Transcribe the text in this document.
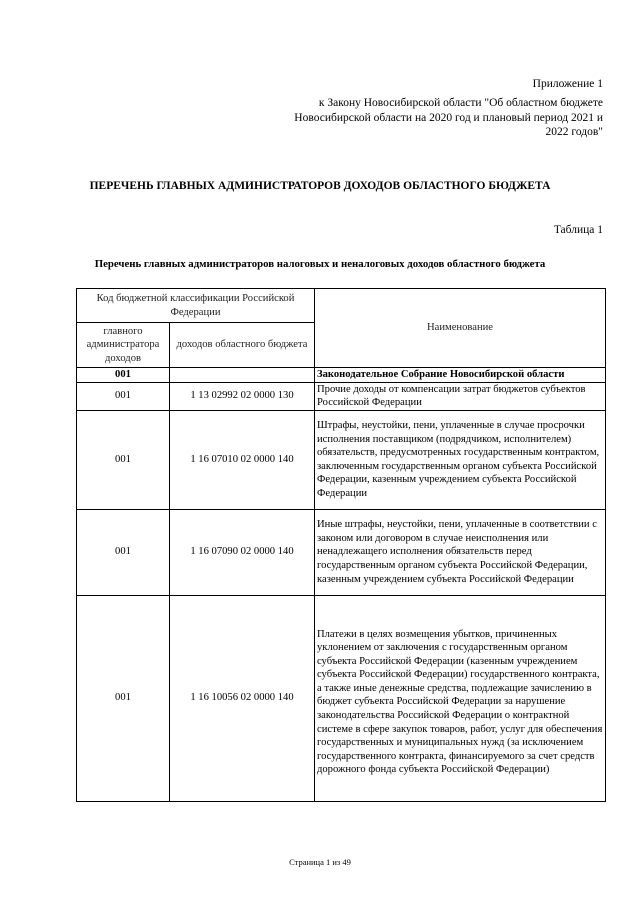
Приложение 1
к Закону Новосибирской области "Об областном бюджете Новосибирской области на 2020 год и плановый период 2021 и 2022 годов"
ПЕРЕЧЕНЬ ГЛАВНЫХ АДМИНИСТРАТОРОВ ДОХОДОВ ОБЛАСТНОГО БЮДЖЕТА
Таблица 1
Перечень главных администраторов налоговых и неналоговых доходов областного бюджета
Код бюджетной классификации Российской Федерации		Наименование
главного администратора доходов	доходов областного бюджета	
001		Законодательное Собрание Новосибирской области
001	1 13 02992 02 0000 130	Прочие доходы от компенсации затрат бюджетов субъектов Российской Федерации
001	1 16 07010 02 0000 140	Штрафы, неустойки, пени, уплаченные в случае просрочки исполнения поставщиком (подрядчиком, исполнителем) обязательств, предусмотренных государственным контрактом, заключенным государственным органом субъекта Российской Федерации, казенным учреждением субъекта Российской Федерации
001	1 16 07090 02 0000 140	Иные штрафы, неустойки, пени, уплаченные в соответствии с законом или договором в случае неисполнения или ненадлежащего исполнения обязательств перед государственным органом субъекта Российской Федерации, казенным учреждением субъекта Российской Федерации
001	1 16 10056 02 0000 140	Платежи в целях возмещения убытков, причиненных уклонением от заключения с государственным органом субъекта Российской Федерации (казенным учреждением субъекта Российской Федерации) государственного контракта, а также иные денежные средства, подлежащие зачислению в бюджет субъекта Российской Федерации за нарушение законодательства Российской Федерации о контрактной системе в сфере закупок товаров, работ, услуг для обеспечения государственных и муниципальных нужд (за исключением государственного контракта, финансируемого за счет средств дорожного фонда субъекта Российской Федерации)
Страница 1 из 49
